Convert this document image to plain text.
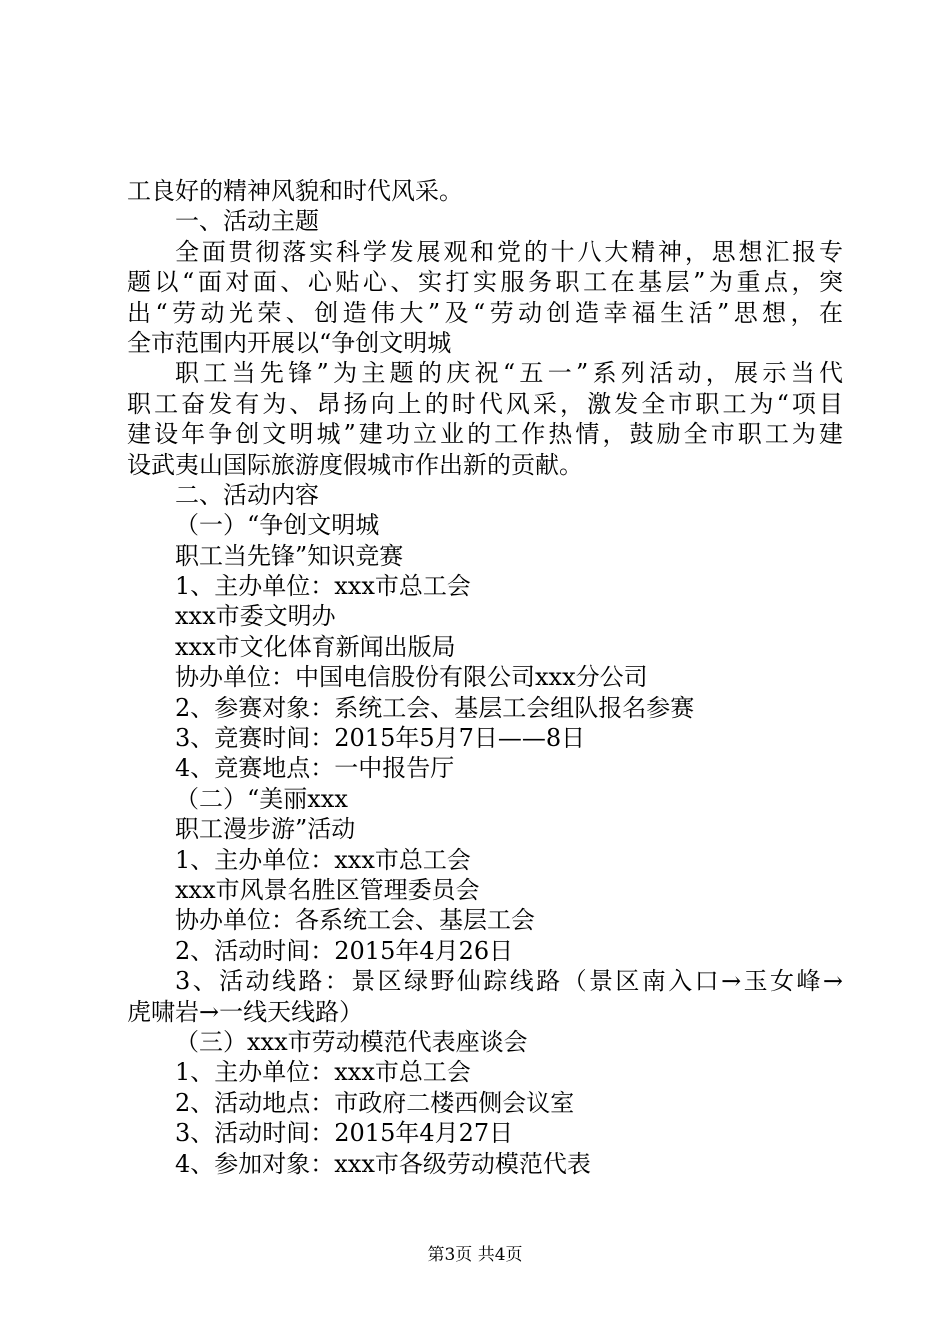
工良好的精神风貌和时代风采。
一、活动主题
全面贯彻落实科学发展观和党的十八大精神，思想汇报专
题以“面对面、心贴心、实打实服务职工在基层”为重点，突
出“劳动光荣、创造伟大”及“劳动创造幸福生活”思想，在
全市范围内开展以“争创文明城
职工当先锋”为主题的庆祝“五一”系列活动，展示当代
职工奋发有为、昂扬向上的时代风采，激发全市职工为“项目
建设年争创文明城”建功立业的工作热情，鼓励全市职工为建
设武夷山国际旅游度假城市作出新的贡献。
二、活动内容
（一）“争创文明城
职工当先锋”知识竞赛
1、主办单位：xxx市总工会
xxx市委文明办
xxx市文化体育新闻出版局
协办单位：中国电信股份有限公司xxx分公司
2、参赛对象：系统工会、基层工会组队报名参赛
3、竞赛时间：2015年5月7日——8日
4、竞赛地点：一中报告厅
（二）“美丽xxx
职工漫步游”活动
1、主办单位：xxx市总工会
xxx市风景名胜区管理委员会
协办单位：各系统工会、基层工会
2、活动时间：2015年4月26日
3、活动线路：景区绿野仙踪线路（景区南入口→玉女峰→
虎啸岩→一线天线路）
（三）xxx市劳动模范代表座谈会
1、主办单位：xxx市总工会
2、活动地点：市政府二楼西侧会议室
3、活动时间：2015年4月27日
4、参加对象：xxx市各级劳动模范代表
第3页 共4页
